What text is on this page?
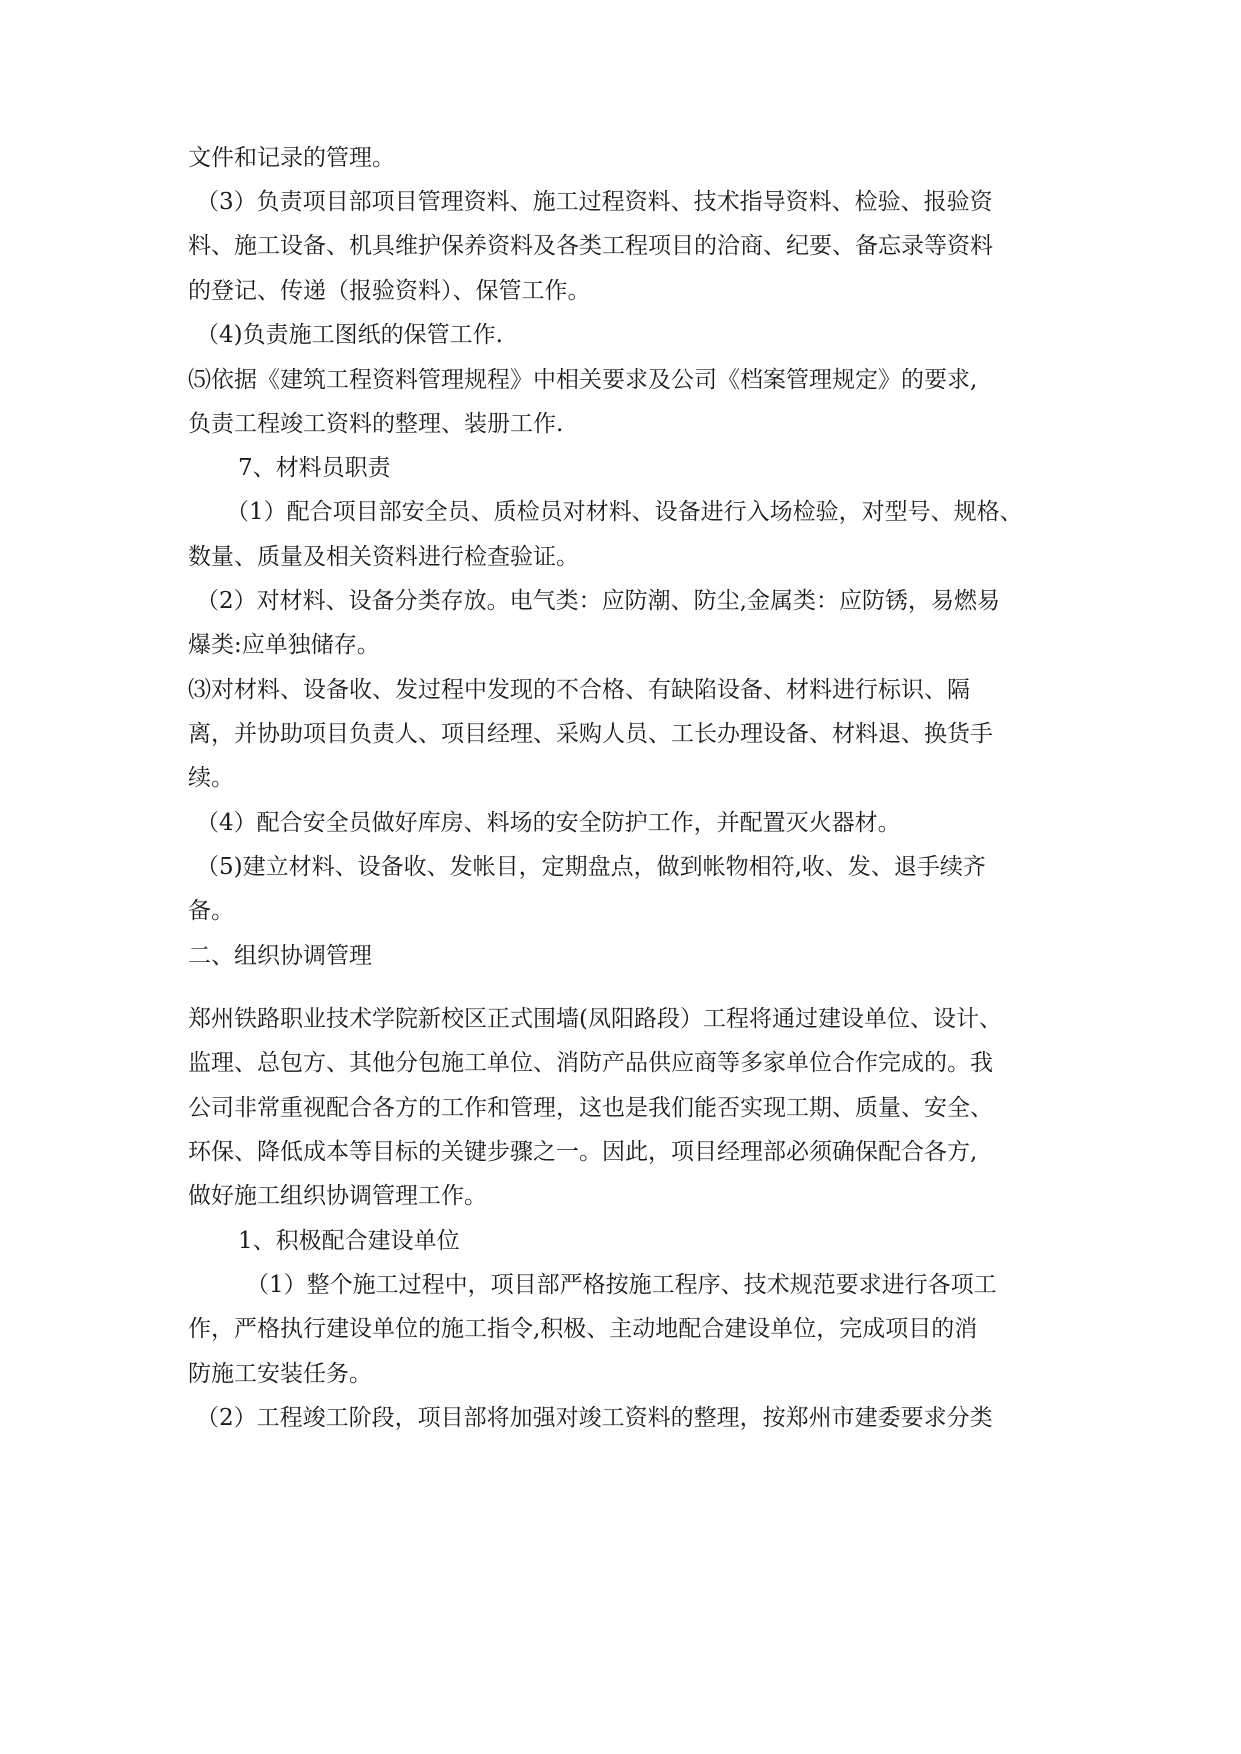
文件和记录的管理。
（3）负责项目部项目管理资料、施工过程资料、技术指导资料、检验、报验资
料、施工设备、机具维护保养资料及各类工程项目的洽商、纪要、备忘录等资料
的登记、传递（报验资料）、保管工作。
（4)负责施工图纸的保管工作.
⑸依据《建筑工程资料管理规程》中相关要求及公司《档案管理规定》的要求,
负责工程竣工资料的整理、装册工作.
7、材料员职责
（1）配合项目部安全员、质检员对材料、设备进行入场检验，对型号、规格、
数量、质量及相关资料进行检查验证。
（2）对材料、设备分类存放。电气类：应防潮、防尘,金属类：应防锈，易燃易
爆类:应单独储存。
⑶对材料、设备收、发过程中发现的不合格、有缺陷设备、材料进行标识、隔
离，并协助项目负责人、项目经理、采购人员、工长办理设备、材料退、换货手
续。
（4）配合安全员做好库房、料场的安全防护工作，并配置灭火器材。
（5)建立材料、设备收、发帐目，定期盘点，做到帐物相符,收、发、退手续齐
备。
二、组织协调管理
郑州铁路职业技术学院新校区正式围墙(凤阳路段）工程将通过建设单位、设计、
监理、总包方、其他分包施工单位、消防产品供应商等多家单位合作完成的。我
公司非常重视配合各方的工作和管理，这也是我们能否实现工期、质量、安全、
环保、降低成本等目标的关键步骤之一。因此，项目经理部必须确保配合各方,
做好施工组织协调管理工作。
1、积极配合建设单位
（1）整个施工过程中，项目部严格按施工程序、技术规范要求进行各项工
作，严格执行建设单位的施工指令,积极、主动地配合建设单位，完成项目的消
防施工安装任务。
（2）工程竣工阶段，项目部将加强对竣工资料的整理，按郑州市建委要求分类
